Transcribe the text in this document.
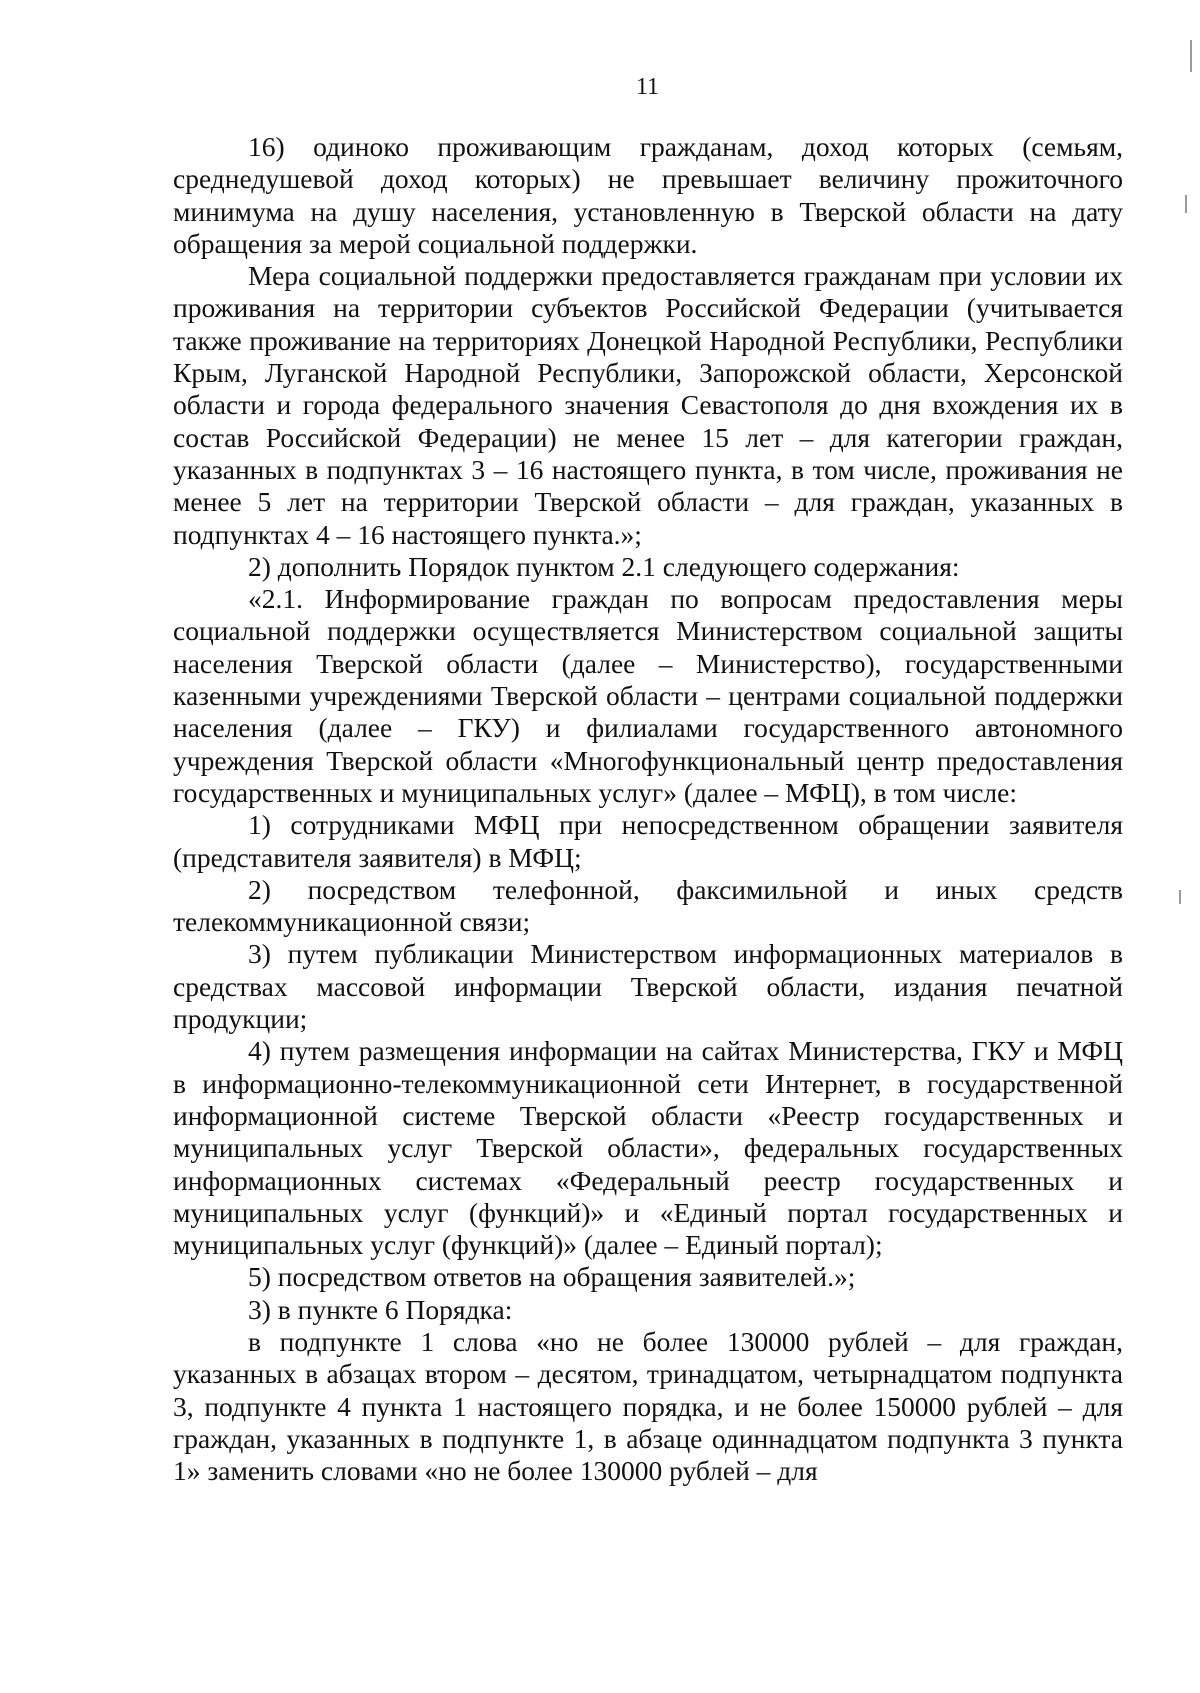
11

16) одиноко проживающим гражданам, доход которых (семьям, среднедушевой доход которых) не превышает величину прожиточного минимума на душу населения, установленную в Тверской области на дату обращения за мерой социальной поддержки.

Мера социальной поддержки предоставляется гражданам при условии их проживания на территории субъектов Российской Федерации (учитывается также проживание на территориях Донецкой Народной Республики, Республики Крым, Луганской Народной Республики, Запорожской области, Херсонской области и города федерального значения Севастополя до дня вхождения их в состав Российской Федерации) не менее 15 лет – для категории граждан, указанных в подпунктах 3 – 16 настоящего пункта, в том числе, проживания не менее 5 лет на территории Тверской области – для граждан, указанных в подпунктах 4 – 16 настоящего пункта.»;

2) дополнить Порядок пунктом 2.1 следующего содержания:

«2.1. Информирование граждан по вопросам предоставления меры социальной поддержки осуществляется Министерством социальной защиты населения Тверской области (далее – Министерство), государственными казенными учреждениями Тверской области – центрами социальной поддержки населения (далее – ГКУ) и филиалами государственного автономного учреждения Тверской области «Многофункциональный центр предоставления государственных и муниципальных услуг» (далее – МФЦ), в том числе:

1) сотрудниками МФЦ при непосредственном обращении заявителя (представителя заявителя) в МФЦ;

2) посредством телефонной, факсимильной и иных средств телекоммуникационной связи;

3) путем публикации Министерством информационных материалов в средствах массовой информации Тверской области, издания печатной продукции;

4) путем размещения информации на сайтах Министерства, ГКУ и МФЦ в информационно-телекоммуникационной сети Интернет, в государственной информационной системе Тверской области «Реестр государственных и муниципальных услуг Тверской области», федеральных государственных информационных системах «Федеральный реестр государственных и муниципальных услуг (функций)» и «Единый портал государственных и муниципальных услуг (функций)» (далее – Единый портал);

5) посредством ответов на обращения заявителей.»;

3) в пункте 6 Порядка:

в подпункте 1 слова «но не более 130000 рублей – для граждан, указанных в абзацах втором – десятом, тринадцатом, четырнадцатом подпункта 3, подпункте 4 пункта 1 настоящего порядка, и не более 150000 рублей – для граждан, указанных в подпункте 1, в абзаце одиннадцатом подпункта 3 пункта 1» заменить словами «но не более 130000 рублей – для
